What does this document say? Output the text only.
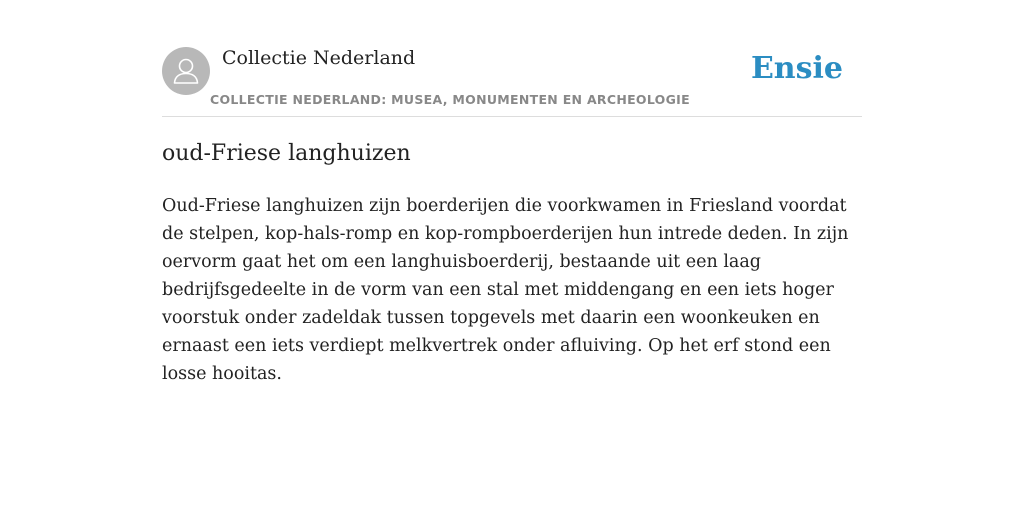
Collectie Nederland
COLLECTIE NEDERLAND: MUSEA, MONUMENTEN EN ARCHEOLOGIE
Ensie
oud-Friese langhuizen

Oud-Friese langhuizen zijn boerderijen die voorkwamen in Friesland voordat de stelpen, kop-hals-romp en kop-rompboerderijen hun intrede deden. In zijn oervorm gaat het om een langhuisboerderij, bestaande uit een laag bedrijfsgedeelte in de vorm van een stal met middengang en een iets hoger voorstuk onder zadeldak tussen topgevels met daarin een woonkeuken en ernaast een iets verdiept melkvertrek onder afluiving. Op het erf stond een losse hooitas.
